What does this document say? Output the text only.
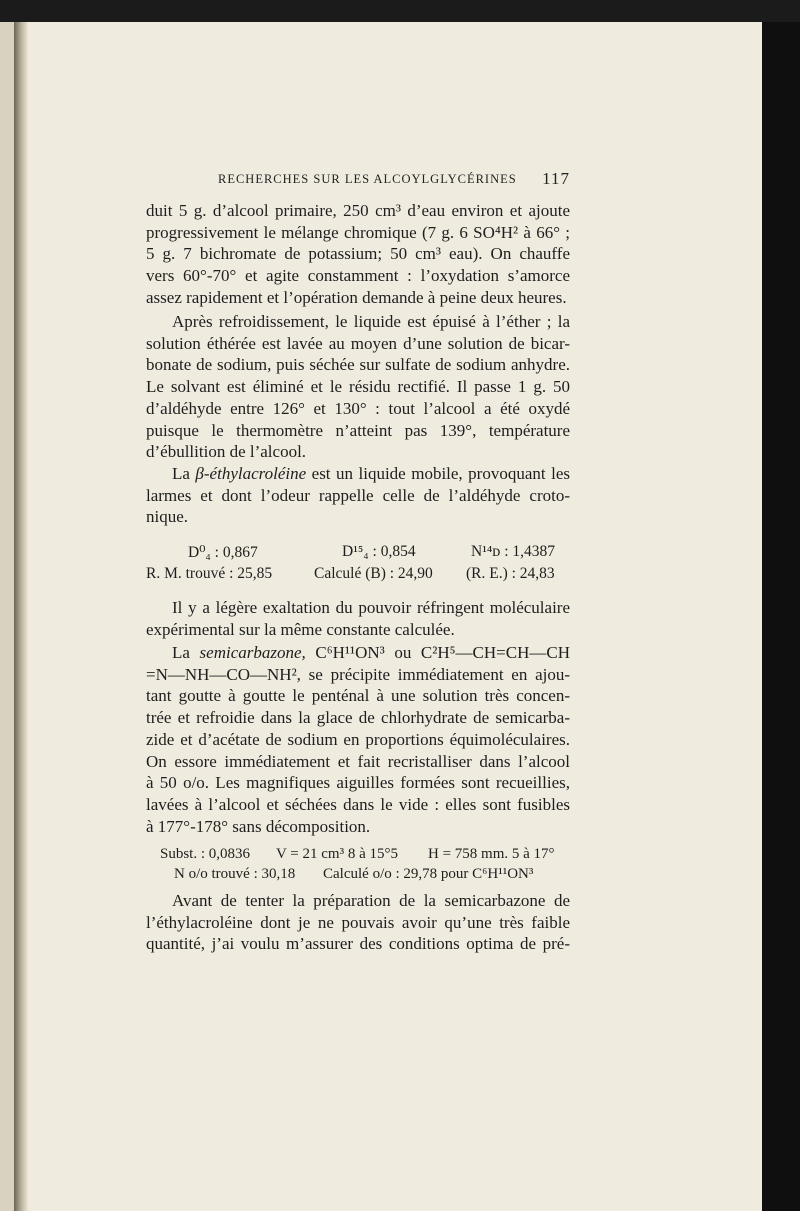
RECHERCHES SUR LES ALCOYLGLYCÉRINES 117
duit 5 g. d’alcool primaire, 250 cm³ d’eau environ et ajoute
progressivement le mélange chromique (7 g. 6 SO⁴H² à 66° ;
5 g. 7 bichromate de potassium; 50 cm³ eau). On chauffe
vers 60°-70° et agite constamment : l’oxydation s’amorce
assez rapidement et l’opération demande à peine deux heures.
Après refroidissement, le liquide est épuisé à l’éther ; la
solution éthérée est lavée au moyen d’une solution de bicar-
bonate de sodium, puis séchée sur sulfate de sodium anhydre.
Le solvant est éliminé et le résidu rectifié. Il passe 1 g. 50
d’aldéhyde entre 126° et 130° : tout l’alcool a été oxydé
puisque le thermomètre n’atteint pas 139°, température
d’ébullition de l’alcool.
La β-éthylacroléine est un liquide mobile, provoquant les
larmes et dont l’odeur rappelle celle de l’aldéhyde croto-
nique.
D⁰₄ : 0,867	D¹⁵₄ : 0,854	N¹⁴ᴅ : 1,4387
R. M. trouvé : 25,85	Calculé (B) : 24,90 (R. E.) : 24,83
Il y a légère exaltation du pouvoir réfringent moléculaire
expérimental sur la même constante calculée.
La semicarbazone, C⁶H¹¹ON³ ou C²H⁵—CH=CH—CH
=N—NH—CO—NH², se précipite immédiatement en ajou-
tant goutte à goutte le penténal à une solution très concen-
trée et refroidie dans la glace de chlorhydrate de semicarba-
zide et d’acétate de sodium en proportions équimoléculaires.
On essore immédiatement et fait recristalliser dans l’alcool
à 50 o/o. Les magnifiques aiguilles formées sont recueillies,
lavées à l’alcool et séchées dans le vide : elles sont fusibles
à 177°-178° sans décomposition.
Subst. : 0,0836 V = 21 cm³ 8 à 15°5 H = 758 mm. 5 à 17°
N o/o trouvé : 30,18 Calculé o/o : 29,78 pour C⁶H¹¹ON³
Avant de tenter la préparation de la semicarbazone de
l’éthylacroléine dont je ne pouvais avoir qu’une très faible
quantité, j’ai voulu m’assurer des conditions optima de pré-
